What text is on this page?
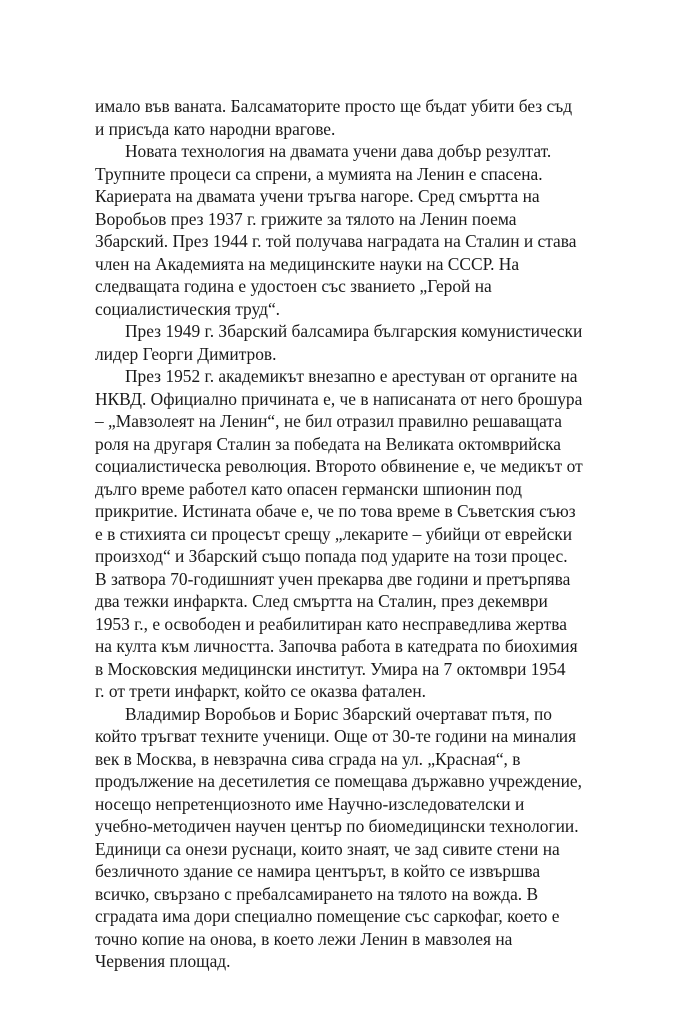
имало във ваната. Балсаматорите просто ще бъдат убити без съд
и присъда като народни врагове.
Новата технология на двамата учени дава добър резултат.
Трупните процеси са спрени, а мумията на Ленин е спасена.
Кариерата на двамата учени тръгва нагоре. Сред смъртта на
Воробьов през 1937 г. грижите за тялото на Ленин поема
Збарский. През 1944 г. той получава наградата на Сталин и става
член на Академията на медицинските науки на СССР. На
следващата година е удостоен със званието „Герой на
социалистическия труд“.
През 1949 г. Збарский балсамира българския комунистически
лидер Георги Димитров.
През 1952 г. академикът внезапно е арестуван от органите на
НКВД. Официално причината е, че в написаната от него брошура
– „Мавзолеят на Ленин“, не бил отразил правилно решаващата
роля на другаря Сталин за победата на Великата октомврийска
социалистическа революция. Второто обвинение е, че медикът от
дълго време работел като опасен германски шпионин под
прикритие. Истината обаче е, че по това време в Съветския съюз
е в стихията си процесът срещу „лекарите – убийци от еврейски
произход“ и Збарский също попада под ударите на този процес.
В затвора 70-годишният учен прекарва две години и претърпява
два тежки инфаркта. След смъртта на Сталин, през декември
1953 г., е освободен и реабилитиран като несправедлива жертва
на култа към личността. Започва работа в катедрата по биохимия
в Московския медицински институт. Умира на 7 октомври 1954
г. от трети инфаркт, който се оказва фатален.
Владимир Воробьов и Борис Збарский очертават пътя, по
който тръгват техните ученици. Още от 30-те години на миналия
век в Москва, в невзрачна сива сграда на ул. „Красная“, в
продължение на десетилетия се помещава държавно учреждение,
носещо непретенциозното име Научно-изследователски и
учебно-методичен научен център по биомедицински технологии.
Единици са онези руснаци, които знаят, че зад сивите стени на
безличното здание се намира центърът, в който се извършва
всичко, свързано с пребалсамирането на тялото на вожда. В
сградата има дори специално помещение със саркофаг, което е
точно копие на онова, в което лежи Ленин в мавзолея на
Червения площад.
